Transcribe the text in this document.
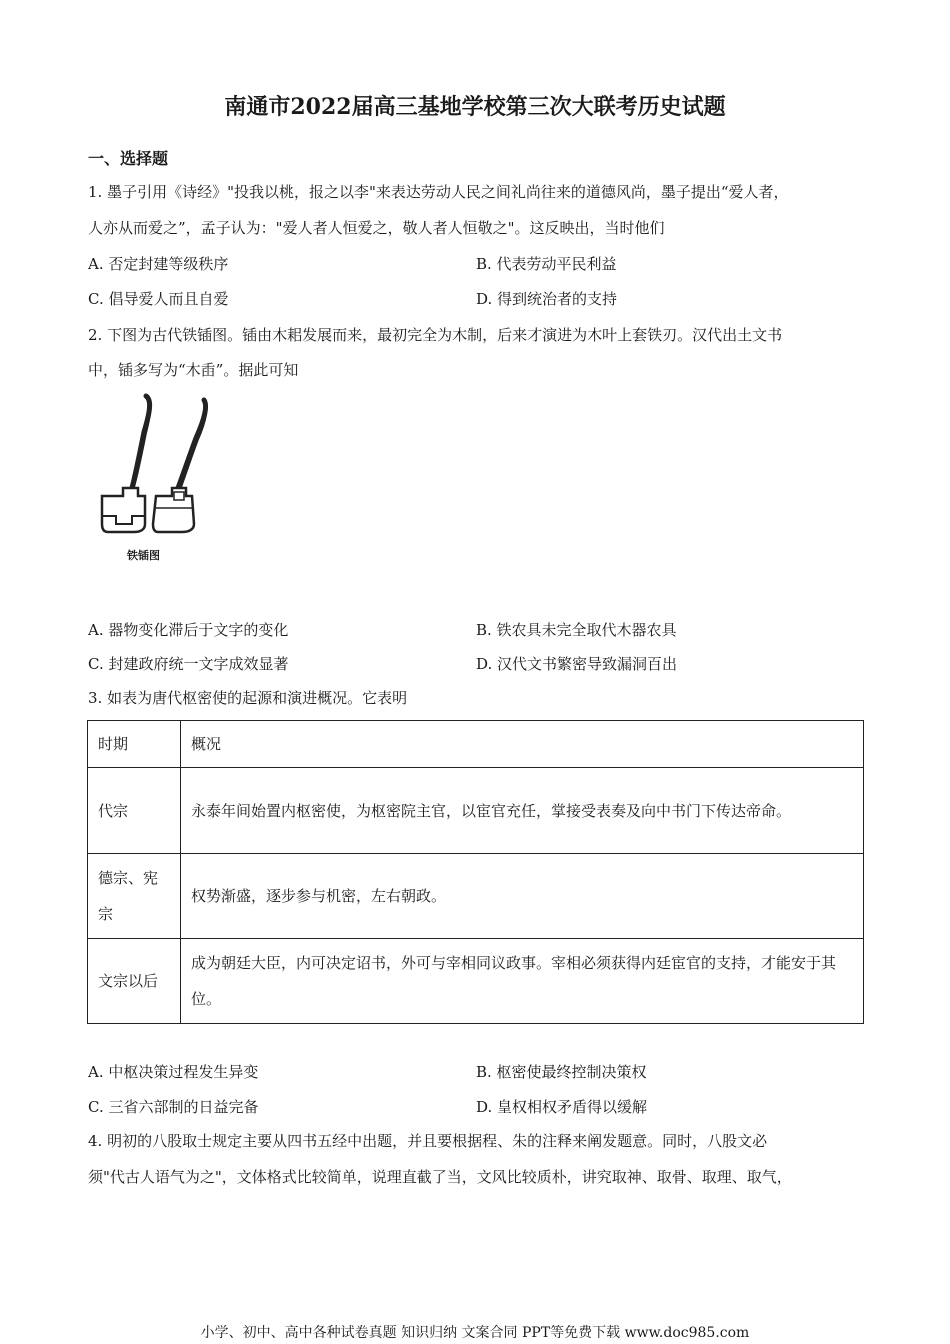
南通市2022届高三基地学校第三次大联考历史试题
一、选择题
1. 墨子引用《诗经》"投我以桃，报之以李"来表达劳动人民之间礼尚往来的道德风尚，墨子提出“爱人者，
人亦从而爱之”，孟子认为："爱人者人恒爱之，敬人者人恒敬之"。这反映出，当时他们
A. 否定封建等级秩序	B. 代表劳动平民利益
C. 倡导爱人而且自爱	D. 得到统治者的支持
2. 下图为古代铁锸图。锸由木耜发展而来，最初完全为木制，后来才演进为木叶上套铁刃。汉代出土文书
中，锸多写为“木臿”。据此可知
铁锸图
A. 器物变化滞后于文字的变化	B. 铁农具未完全取代木器农具
C. 封建政府统一文字成效显著	D. 汉代文书繁密导致漏洞百出
3. 如表为唐代枢密使的起源和演进概况。它表明
时期	概况
代宗	永泰年间始置内枢密使，为枢密院主官，以宦官充任，掌接受表奏及向中书门下传达帝命。
德宗、宪宗	权势渐盛，逐步参与机密，左右朝政。
文宗以后	成为朝廷大臣，内可决定诏书，外可与宰相同议政事。宰相必须获得内廷宦官的支持，才能安于其位。
A. 中枢决策过程发生异变	B. 枢密使最终控制决策权
C. 三省六部制的日益完备	D. 皇权相权矛盾得以缓解
4. 明初的八股取士规定主要从四书五经中出题，并且要根据程、朱的注释来阐发题意。同时，八股文必
须"代古人语气为之"，文体格式比较简单，说理直截了当，文风比较质朴，讲究取神、取骨、取理、取气，
小学、初中、高中各种试卷真题 知识归纳 文案合同 PPT等免费下载 www.doc985.com
